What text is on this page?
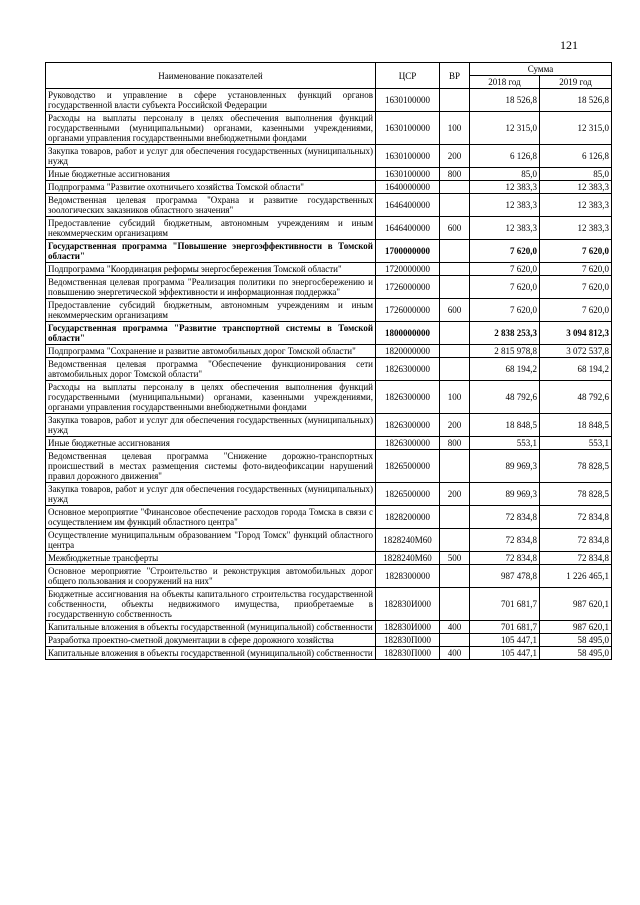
121
Наименование показателей	ЦСР	ВР	Сумма	
			2018 год	2019 год
Руководство и управление в сфере установленных функций органов государственной власти субъекта Российской Федерации	1630100000		18 526,8	18 526,8
Расходы на выплаты персоналу в целях обеспечения выполнения функций государственными (муниципальными) органами, казенными учреждениями, органами управления государственными внебюджетными фондами	1630100000	100	12 315,0	12 315,0
Закупка товаров, работ и услуг для обеспечения государственных (муниципальных) нужд	1630100000	200	6 126,8	6 126,8
Иные бюджетные ассигнования	1630100000	800	85,0	85,0
Подпрограмма "Развитие охотничьего хозяйства Томской области"	1640000000		12 383,3	12 383,3
Ведомственная целевая программа "Охрана и развитие государственных зоологических заказников областного значения"	1646400000		12 383,3	12 383,3
Предоставление субсидий бюджетным, автономным учреждениям и иным некоммерческим организациям	1646400000	600	12 383,3	12 383,3
Государственная программа "Повышение энергоэффективности в Томской области"	1700000000		7 620,0	7 620,0
Подпрограмма "Координация реформы энергосбережения Томской области"	1720000000		7 620,0	7 620,0
Ведомственная целевая программа "Реализация политики по энергосбережению и повышению энергетической эффективности и информационная поддержка"	1726000000		7 620,0	7 620,0
Предоставление субсидий бюджетным, автономным учреждениям и иным некоммерческим организациям	1726000000	600	7 620,0	7 620,0
Государственная программа "Развитие транспортной системы в Томской области"	1800000000		2 838 253,3	3 094 812,3
Подпрограмма "Сохранение и развитие автомобильных дорог Томской области"	1820000000		2 815 978,8	3 072 537,8
Ведомственная целевая программа "Обеспечение функционирования сети автомобильных дорог Томской области"	1826300000		68 194,2	68 194,2
Расходы на выплаты персоналу в целях обеспечения выполнения функций государственными (муниципальными) органами, казенными учреждениями, органами управления государственными внебюджетными фондами	1826300000	100	48 792,6	48 792,6
Закупка товаров, работ и услуг для обеспечения государственных (муниципальных) нужд	1826300000	200	18 848,5	18 848,5
Иные бюджетные ассигнования	1826300000	800	553,1	553,1
Ведомственная целевая программа "Снижение дорожно-транспортных происшествий в местах размещения системы фото-видеофиксации нарушений правил дорожного движения"	1826500000		89 969,3	78 828,5
Закупка товаров, работ и услуг для обеспечения государственных (муниципальных) нужд	1826500000	200	89 969,3	78 828,5
Основное мероприятие "Финансовое обеспечение расходов города Томска в связи с осуществлением им функций областного центра"	1828200000		72 834,8	72 834,8
Осуществление муниципальным образованием "Город Томск" функций областного центра	1828240М60		72 834,8	72 834,8
Межбюджетные трансферты	1828240М60	500	72 834,8	72 834,8
Основное мероприятие "Строительство и реконструкция автомобильных дорог общего пользования и сооружений на них"	1828300000		987 478,8	1 226 465,1
Бюджетные ассигнования на объекты капитального строительства государственной собственности, объекты недвижимого имущества, приобретаемые в государственную собственность	182830И000		701 681,7	987 620,1
Капитальные вложения в объекты государственной (муниципальной) собственности	182830И000	400	701 681,7	987 620,1
Разработка проектно-сметной документации в сфере дорожного хозяйства	182830П000		105 447,1	58 495,0
Капитальные вложения в объекты государственной (муниципальной) собственности	182830П000	400	105 447,1	58 495,0
